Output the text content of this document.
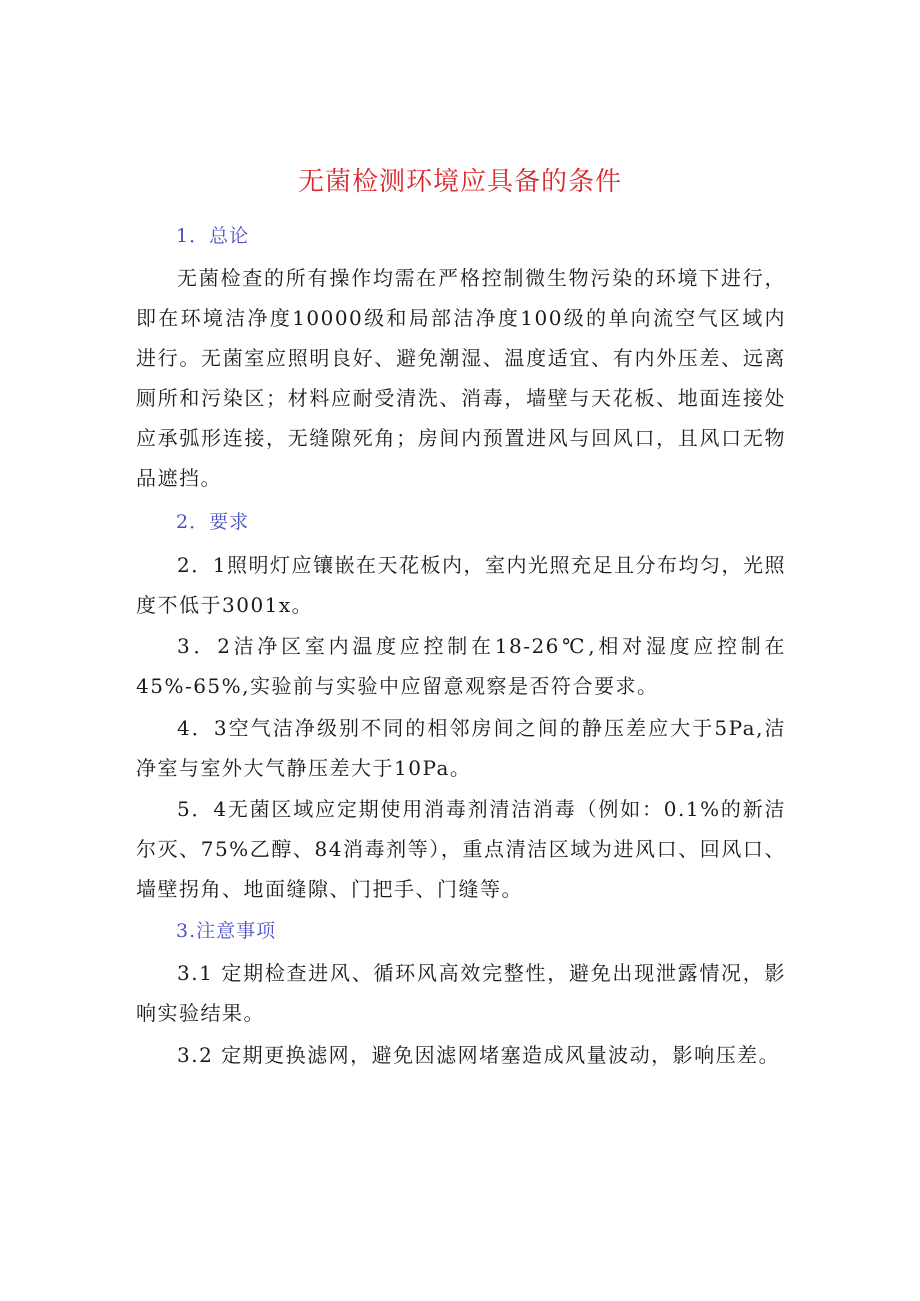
无菌检测环境应具备的条件
1．总论

无菌检查的所有操作均需在严格控制微生物污染的环境下进行，即在环境洁净度10000级和局部洁净度100级的单向流空气区域内进行。无菌室应照明良好、避免潮湿、温度适宜、有内外压差、远离厕所和污染区；材料应耐受清洗、消毒，墙壁与天花板、地面连接处应承弧形连接，无缝隙死角；房间内预置进风与回风口，且风口无物品遮挡。

2．要求

2．1照明灯应镶嵌在天花板内，室内光照充足且分布均匀，光照度不低于3001x。

3．2洁净区室内温度应控制在18-26℃,相对湿度应控制在45%-65%,实验前与实验中应留意观察是否符合要求。

4．3空气洁净级别不同的相邻房间之间的静压差应大于5Pa,洁净室与室外大气静压差大于10Pa。

5．4无菌区域应定期使用消毒剂清洁消毒（例如：0.1%的新洁尔灭、75%乙醇、84消毒剂等），重点清洁区域为进风口、回风口、墙壁拐角、地面缝隙、门把手、门缝等。

3.注意事项

3.1 定期检查进风、循环风高效完整性，避免出现泄露情况，影响实验结果。

3.2 定期更换滤网，避免因滤网堵塞造成风量波动，影响压差。
